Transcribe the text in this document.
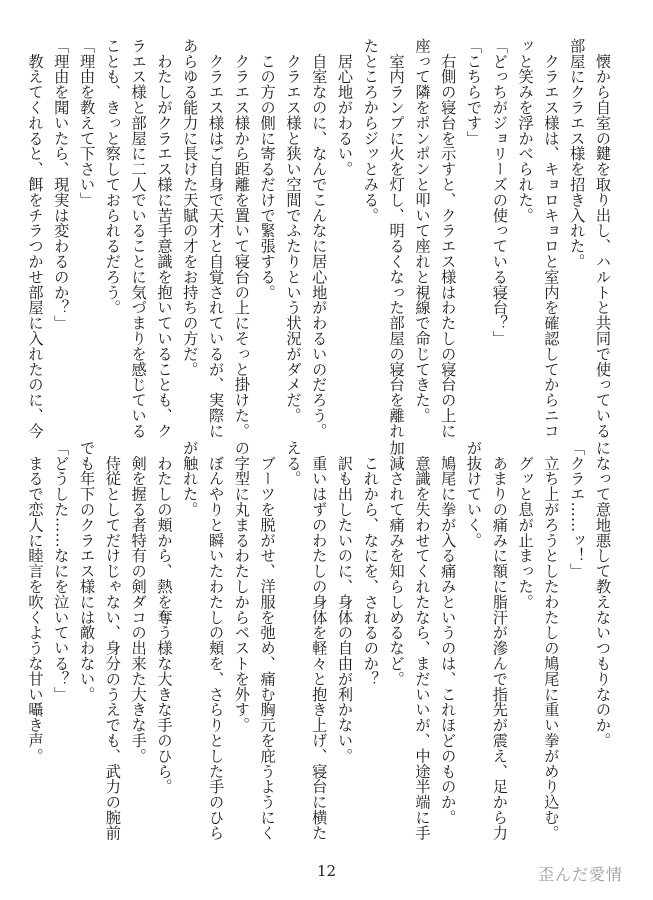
　懐から自室の鍵を取り出し、ハルトと共同で使っている
部屋にクラエス様を招き入れた。
　クラエス様は、キョロキョロと室内を確認してからニコ
ッと笑みを浮かべられた。
「どっちがジョリーズの使っている寝台？」
「こちらです」
　右側の寝台を示すと、クラエス様はわたしの寝台の上に
座って隣をポンポンと叩いて座れと視線で命じてきた。
　室内ランプに火を灯し、明るくなった部屋の寝台を離れ
たところからジッとみる。
　居心地がわるい。
　自室なのに、なんでこんなに居心地がわるいのだろう。
　クラエス様と狭い空間でふたりという状況がダメだ。
　この方の側に寄るだけで緊張する。
　クラエス様から距離を置いて寝台の上にそっと掛けた。
　クラエス様はご自身で天才と自覚されているが、実際に
あらゆる能力に長けた天賦の才をお持ちの方だ。
　わたしがクラエス様に苦手意識を抱いていることも、ク
ラエス様と部屋に二人でいることに気づまりを感じている
ことも、きっと察しておられるだろう。
「理由を教えて下さい」
「理由を聞いたら、現実は変わるのか？」
　教えてくれると、餌をチラつかせ部屋に入れたのに、今
になって意地悪して教えないつもりなのか。
「クラエ……ッ！」
　立ち上がろうとしたわたしの鳩尾に重い拳がめり込む。
　グッと息が止まった。
　あまりの痛みに額に脂汗が滲んで指先が震え、足から力
が抜けていく。
　鳩尾に拳が入る痛みというのは、これほどのものか。
　意識を失わせてくれたなら、まだいいが、中途半端に手
加減されて痛みを知らしめるなど。
　これから、なにを、されるのか？
　訳も出したいのに、身体の自由が利かない。
　重いはずのわたしの身体を軽々と抱き上げ、寝台に横た
える。
　ブーツを脱がせ、洋服を弛め、痛む胸元を庇うようにく
の字型に丸まるわたしからベストを外す。
　ぼんやりと瞬いたわたしの頬を、さらりとした手のひら
が触れた。
　わたしの頬から、熱を奪う様な大きな手のひら。
　剣を握る者特有の剣ダコの出来た大きな手。
　侍従としてだけじゃない、身分のうえでも、武力の腕前
でも年下のクラエス様には敵わない。
「どうした……なにを泣いている？」
　まるで恋人に睦言を吹くような甘い囁き声。
12	歪んだ愛情
